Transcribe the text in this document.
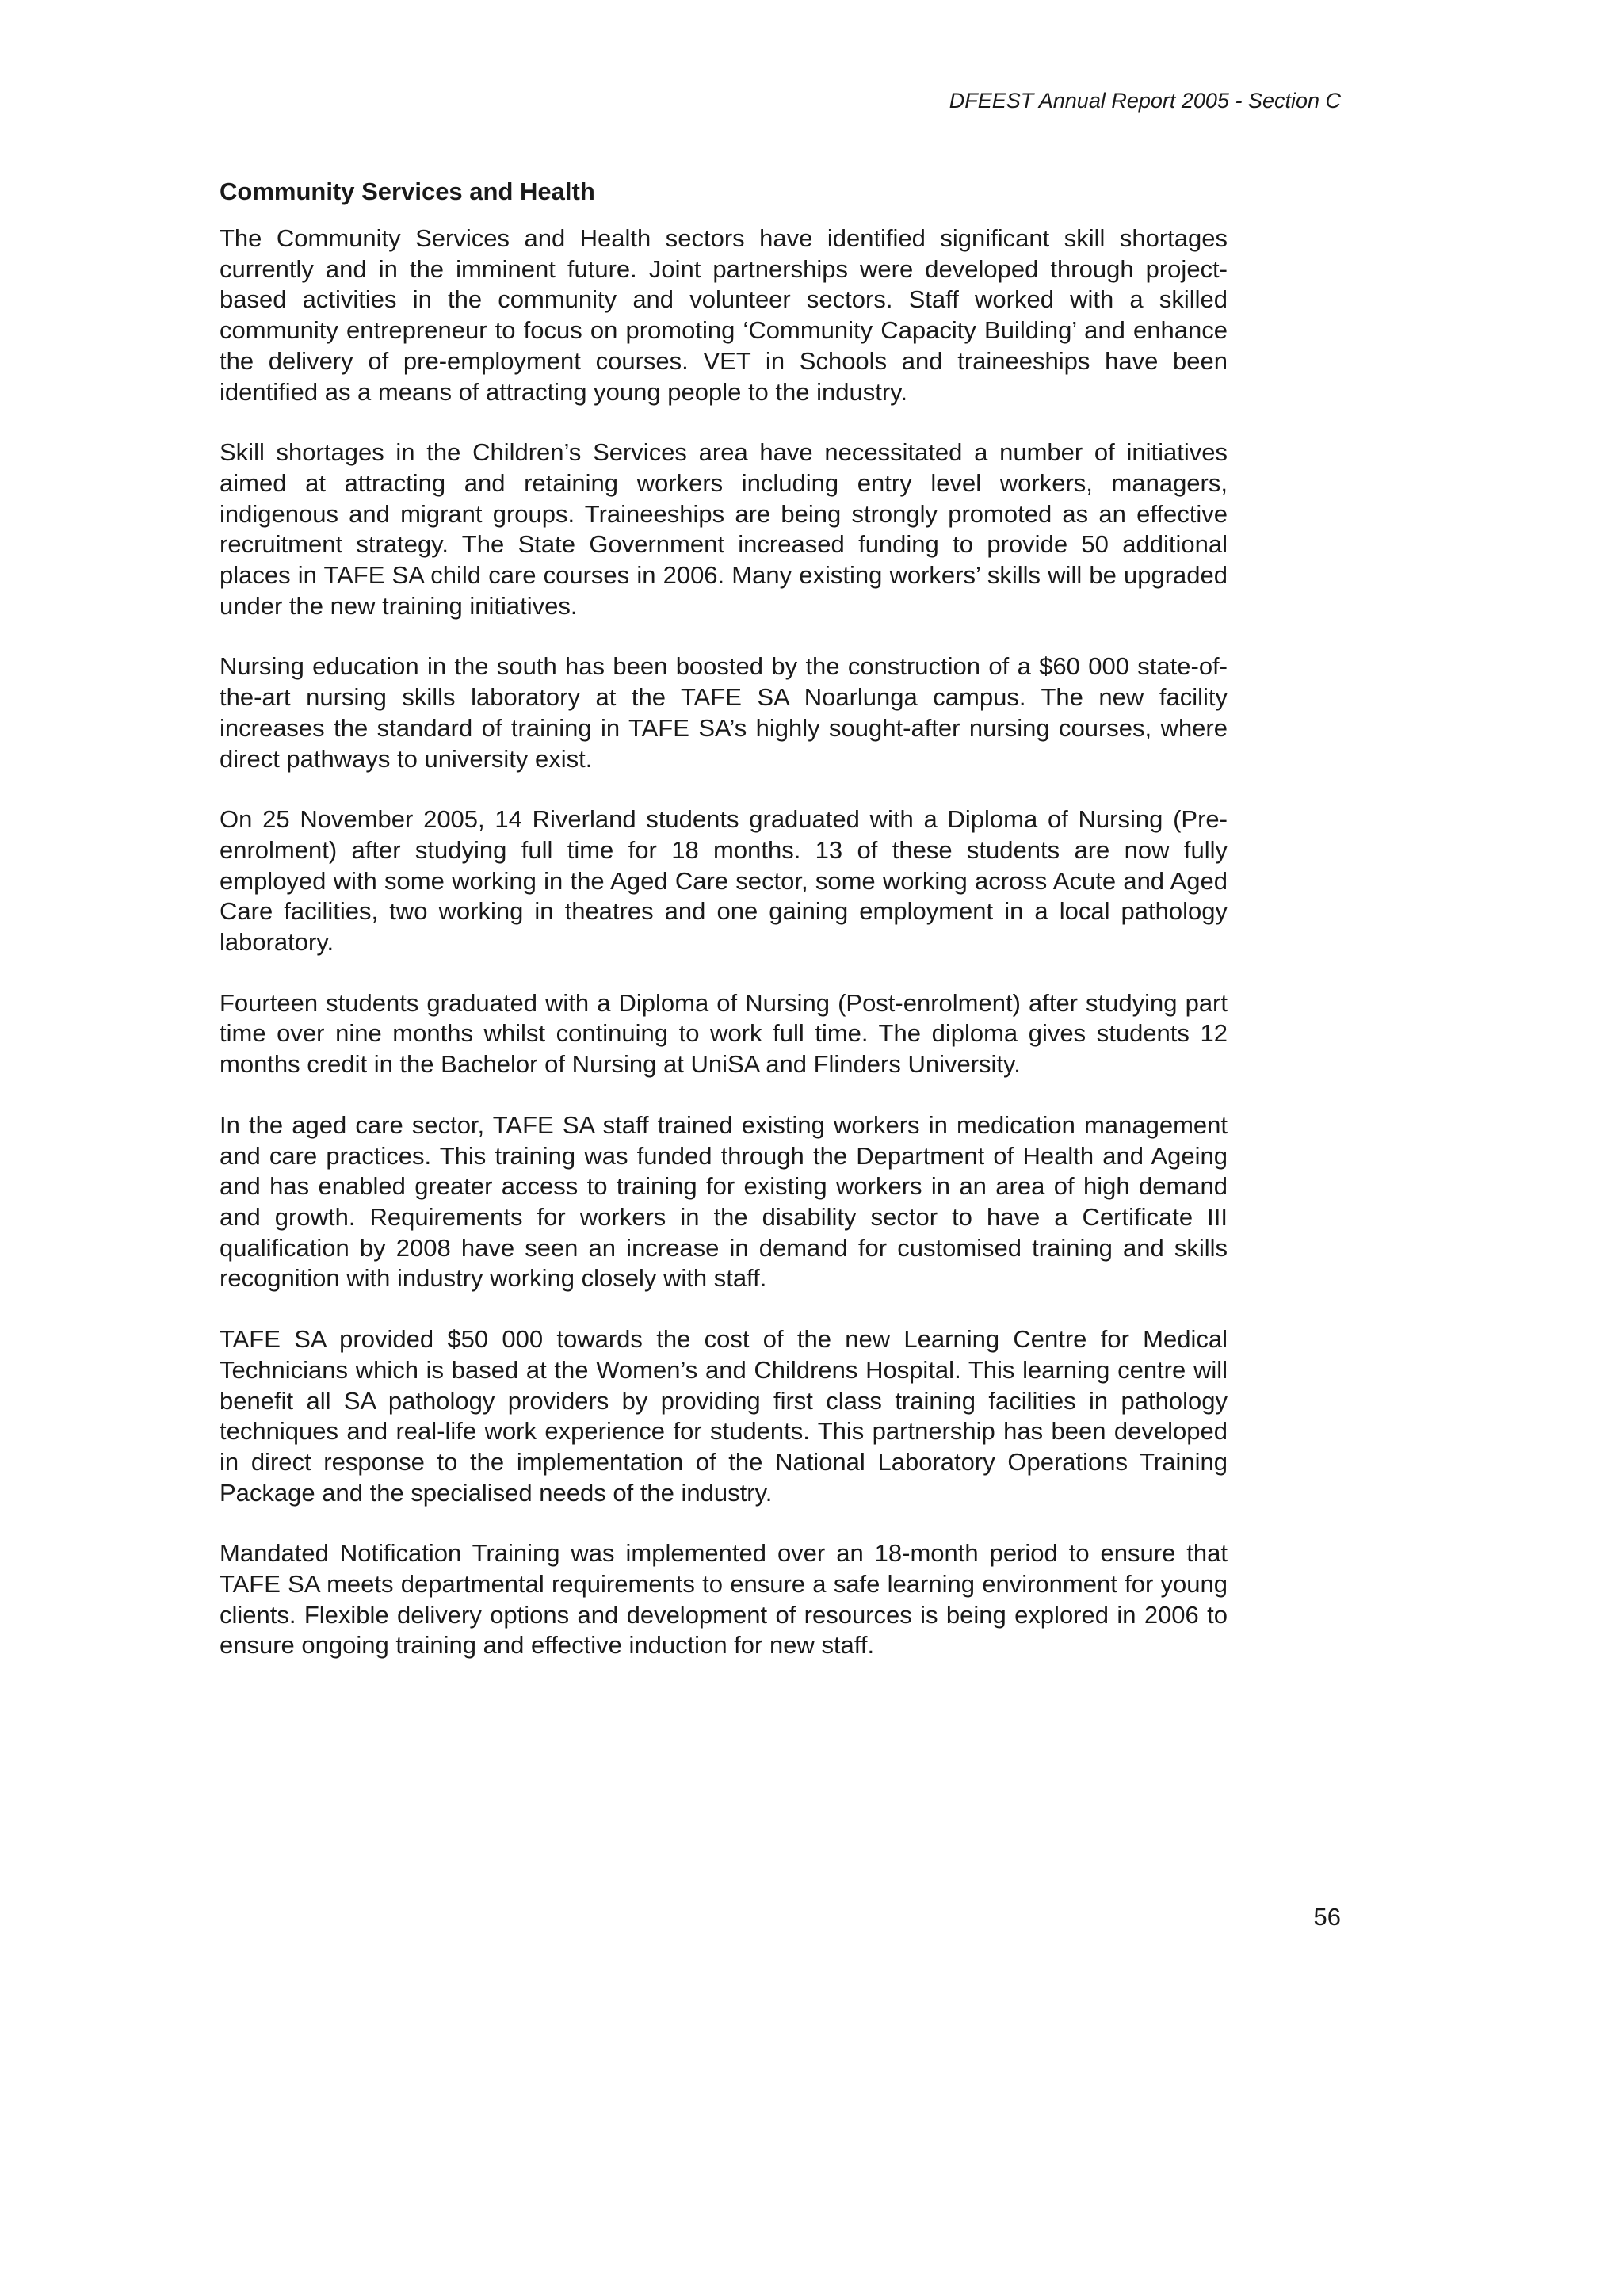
DFEEST Annual Report 2005 - Section C
Community Services and Health

The Community Services and Health sectors have identified significant skill shortages currently and in the imminent future. Joint partnerships were developed through project-based activities in the community and volunteer sectors. Staff worked with a skilled community entrepreneur to focus on promoting ‘Community Capacity Building’ and enhance the delivery of pre-employment courses. VET in Schools and traineeships have been identified as a means of attracting young people to the industry.

Skill shortages in the Children’s Services area have necessitated a number of initiatives aimed at attracting and retaining workers including entry level workers, managers, indigenous and migrant groups. Traineeships are being strongly promoted as an effective recruitment strategy. The State Government increased funding to provide 50 additional places in TAFE SA child care courses in 2006. Many existing workers’ skills will be upgraded under the new training initiatives.

Nursing education in the south has been boosted by the construction of a $60 000 state-of-the-art nursing skills laboratory at the TAFE SA Noarlunga campus. The new facility increases the standard of training in TAFE SA’s highly sought-after nursing courses, where direct pathways to university exist.

On 25 November 2005, 14 Riverland students graduated with a Diploma of Nursing (Pre-enrolment) after studying full time for 18 months. 13 of these students are now fully employed with some working in the Aged Care sector, some working across Acute and Aged Care facilities, two working in theatres and one gaining employment in a local pathology laboratory.

Fourteen students graduated with a Diploma of Nursing (Post-enrolment) after studying part time over nine months whilst continuing to work full time. The diploma gives students 12 months credit in the Bachelor of Nursing at UniSA and Flinders University.

In the aged care sector, TAFE SA staff trained existing workers in medication management and care practices. This training was funded through the Department of Health and Ageing and has enabled greater access to training for existing workers in an area of high demand and growth. Requirements for workers in the disability sector to have a Certificate III qualification by 2008 have seen an increase in demand for customised training and skills recognition with industry working closely with staff.

TAFE SA provided $50 000 towards the cost of the new Learning Centre for Medical Technicians which is based at the Women’s and Childrens Hospital. This learning centre will benefit all SA pathology providers by providing first class training facilities in pathology techniques and real-life work experience for students. This partnership has been developed in direct response to the implementation of the National Laboratory Operations Training Package and the specialised needs of the industry.

Mandated Notification Training was implemented over an 18-month period to ensure that TAFE SA meets departmental requirements to ensure a safe learning environment for young clients. Flexible delivery options and development of resources is being explored in 2006 to ensure ongoing training and effective induction for new staff.

56
